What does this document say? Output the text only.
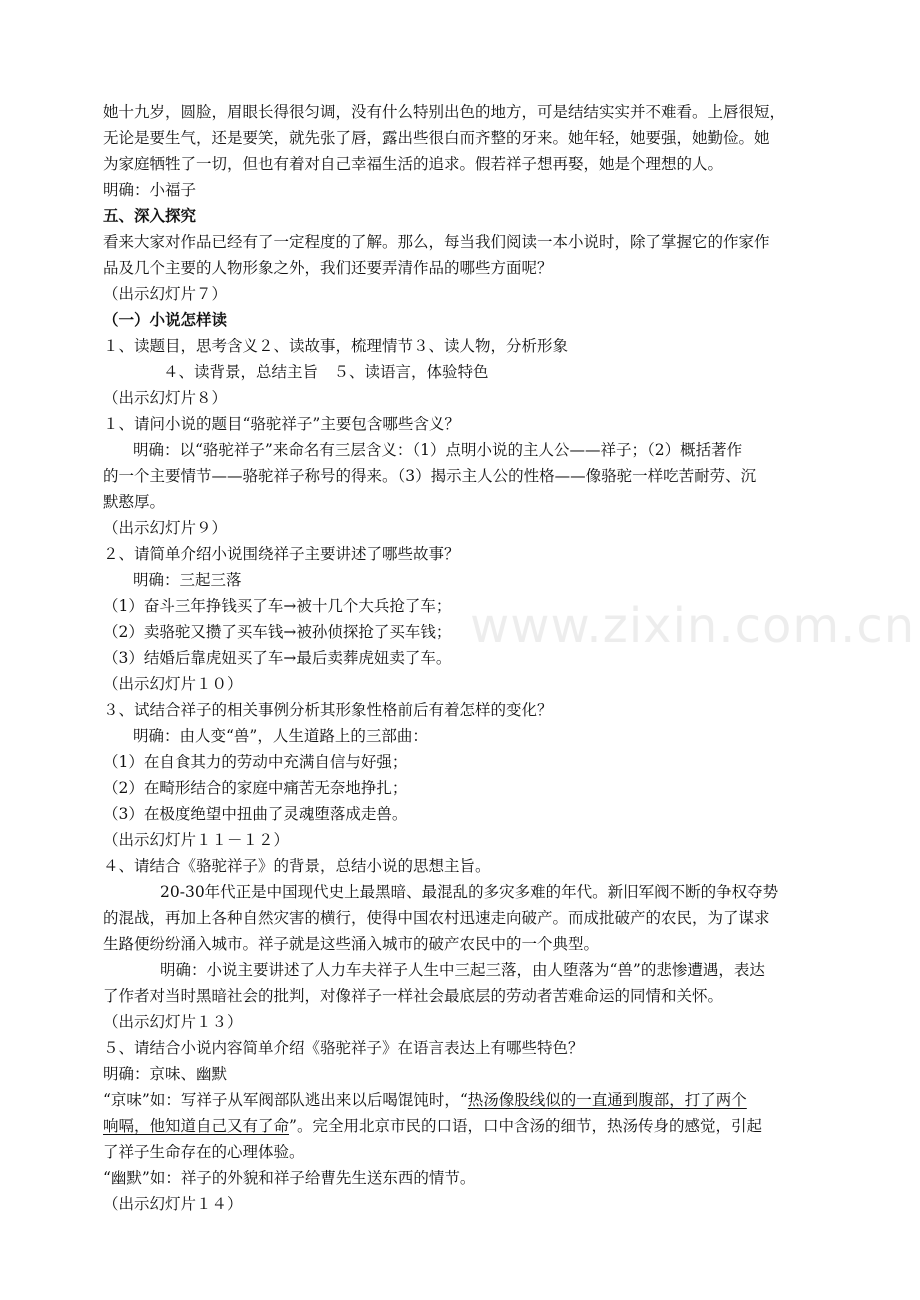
www.zixin.com.cn
她十九岁，圆脸，眉眼长得很匀调，没有什么特别出色的地方，可是结结实实并不难看。上唇很短，
无论是要生气，还是要笑，就先张了唇，露出些很白而齐整的牙来。她年轻，她要强，她勤俭。她
为家庭牺牲了一切，但也有着对自己幸福生活的追求。假若祥子想再娶，她是个理想的人。
明确：小福子
五、深入探究
看来大家对作品已经有了一定程度的了解。那么，每当我们阅读一本小说时，除了掌握它的作家作
品及几个主要的人物形象之外，我们还要弄清作品的哪些方面呢？
（出示幻灯片７）
（一）小说怎样读
１、读题目，思考含义２、读故事，梳理情节３、读人物，分析形象
４、读背景，总结主旨　５、读语言，体验特色
（出示幻灯片８）
１、请问小说的题目“骆驼祥子”主要包含哪些含义？
明确：以“骆驼祥子”来命名有三层含义：（1）点明小说的主人公——祥子；（2）概括著作
的一个主要情节——骆驼祥子称号的得来。（3）揭示主人公的性格——像骆驼一样吃苦耐劳、沉
默憨厚。
（出示幻灯片９）
２、请简单介绍小说围绕祥子主要讲述了哪些故事？
明确：三起三落
（1）奋斗三年挣钱买了车→被十几个大兵抢了车；
（2）卖骆驼又攒了买车钱→被孙侦探抢了买车钱；
（3）结婚后靠虎妞买了车→最后卖葬虎妞卖了车。
（出示幻灯片１０）
３、试结合祥子的相关事例分析其形象性格前后有着怎样的变化？
明确：由人变“兽”，人生道路上的三部曲：
（1）在自食其力的劳动中充满自信与好强；
（2）在畸形结合的家庭中痛苦无奈地挣扎；
（3）在极度绝望中扭曲了灵魂堕落成走兽。
（出示幻灯片１１－１２）
４、请结合《骆驼祥子》的背景，总结小说的思想主旨。
20-30年代正是中国现代史上最黑暗、最混乱的多灾多难的年代。新旧军阀不断的争权夺势
的混战，再加上各种自然灾害的横行，使得中国农村迅速走向破产。而成批破产的农民，为了谋求
生路便纷纷涌入城市。祥子就是这些涌入城市的破产农民中的一个典型。
明确：小说主要讲述了人力车夫祥子人生中三起三落，由人堕落为“兽”的悲惨遭遇，表达
了作者对当时黑暗社会的批判，对像祥子一样社会最底层的劳动者苦难命运的同情和关怀。
（出示幻灯片１３）
５、请结合小说内容简单介绍《骆驼祥子》在语言表达上有哪些特色？
明确：京味、幽默
“京味”如：写祥子从军阀部队逃出来以后喝馄饨时，“热汤像股线似的一直通到腹部，打了两个
响嗝，他知道自己又有了命”。完全用北京市民的口语，口中含汤的细节，热汤传身的感觉，引起
了祥子生命存在的心理体验。
“幽默”如：祥子的外貌和祥子给曹先生送东西的情节。
（出示幻灯片１４）
